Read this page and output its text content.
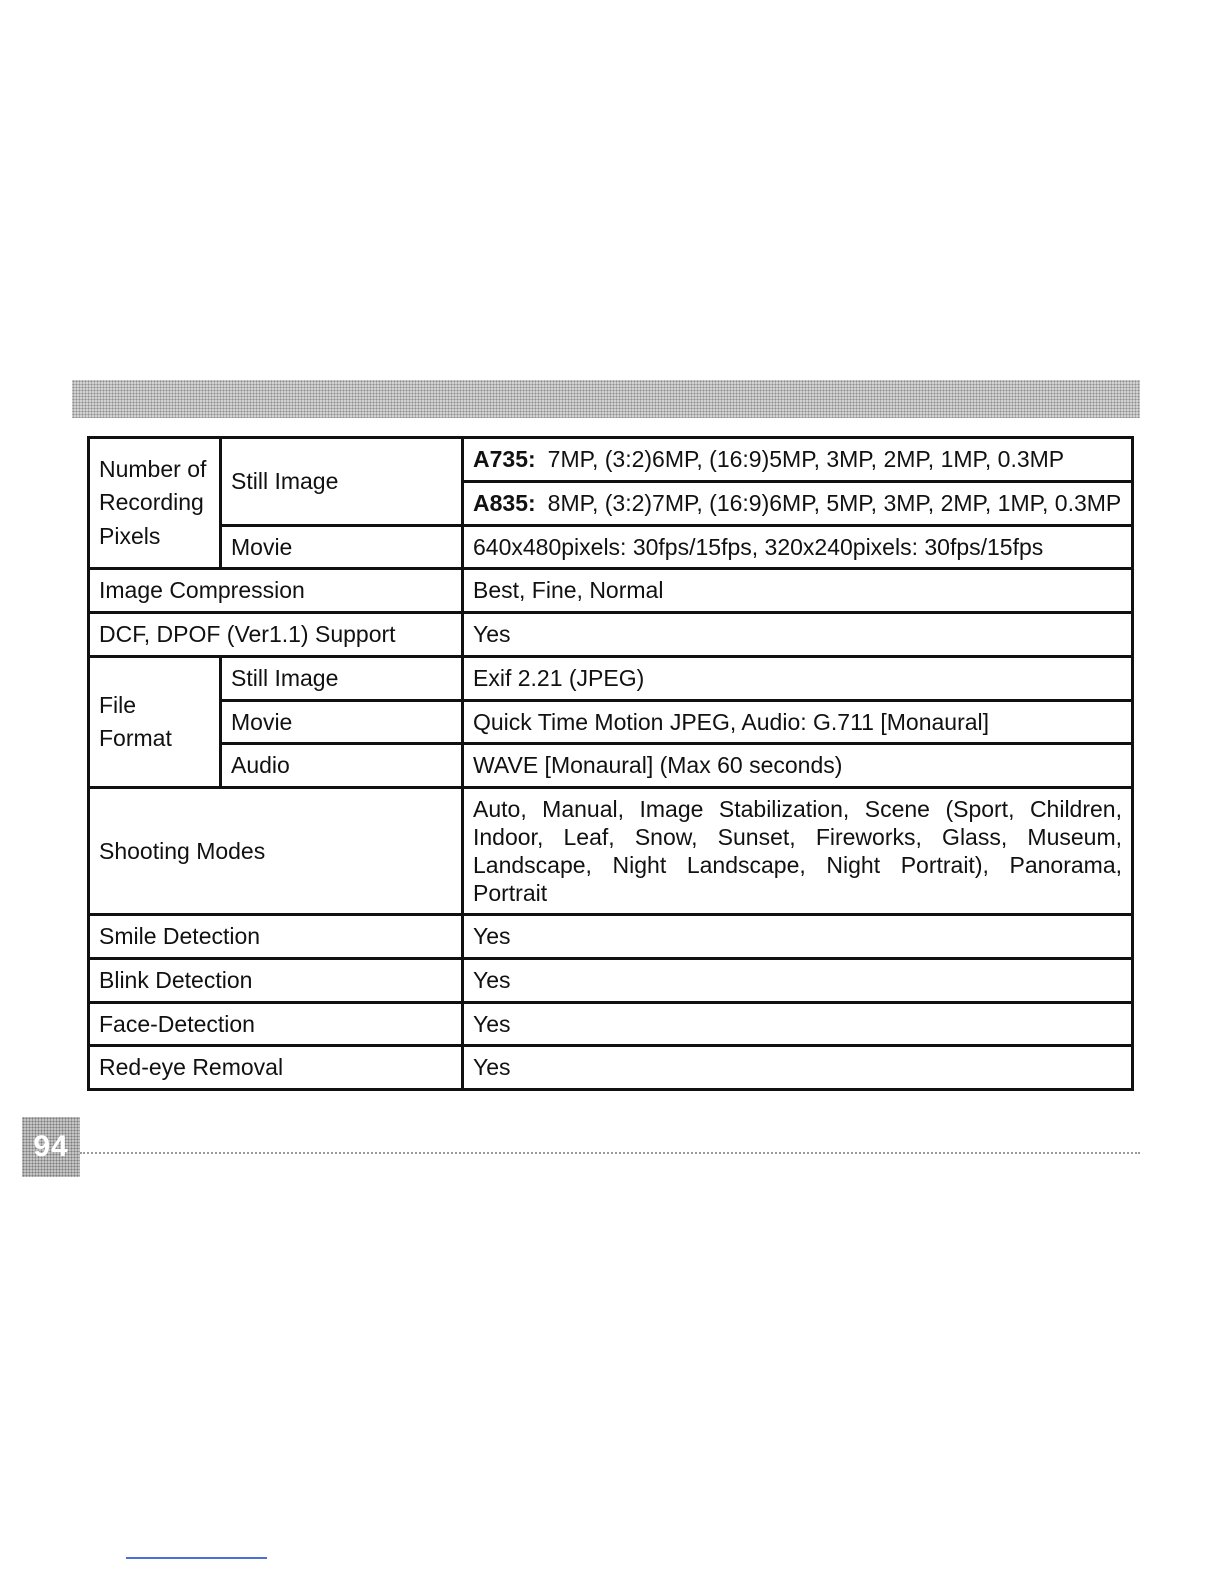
Number of
Recording
Pixels	Still Image	A735: 7MP, (3:2)6MP, (16:9)5MP, 3MP, 2MP, 1MP, 0.3MP
		A835: 8MP, (3:2)7MP, (16:9)6MP, 5MP, 3MP, 2MP, 1MP, 0.3MP
	Movie	640x480pixels: 30fps/15fps, 320x240pixels: 30fps/15fps
Image Compression		Best, Fine, Normal
DCF, DPOF (Ver1.1) Support		Yes

File
Format	Still Image	Exif 2.21 (JPEG)
	Movie	Quick Time Motion JPEG, Audio: G.711 [Monaural]
	Audio	WAVE [Monaural] (Max 60 seconds)
Shooting Modes		Auto, Manual, Image Stabilization, Scene (Sport, Children,
Indoor, Leaf, Snow, Sunset, Fireworks, Glass, Museum,
Landscape, Night Landscape, Night Portrait), Panorama,
Portrait

Smile Detection		Yes
Blink Detection		Yes
Face-Detection		Yes
Red-eye Removal		Yes
94
